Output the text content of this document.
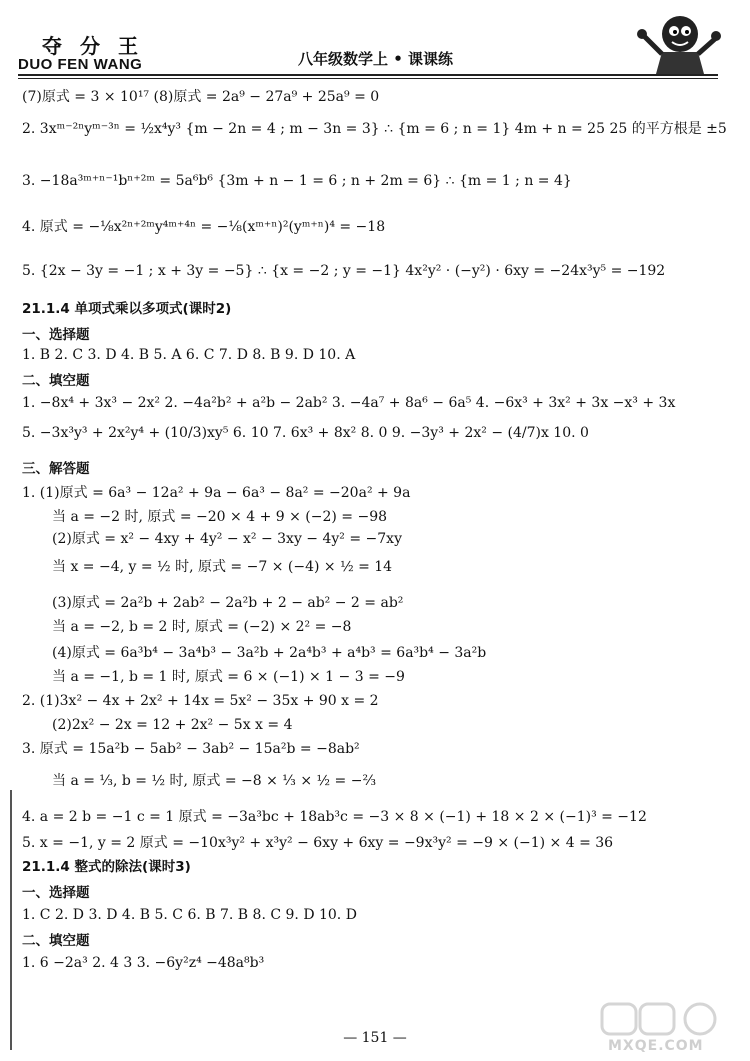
夺分王
DUO FEN WANG	八年级数学上 • 课课练
(7)原式 = 3 × 10¹⁷ (8)原式 = 2a⁹ − 27a⁹ + 25a⁹ = 0
2. 3xᵐ⁻²ⁿyᵐ⁻³ⁿ = ½x⁴y³ {m − 2n = 4 ; m − 3n = 3} ∴ {m = 6 ; n = 1} 4m + n = 25 25 的平方根是 ±5
3. −18a³ᵐ⁺ⁿ⁻¹bⁿ⁺²ᵐ = 5a⁶b⁶ {3m + n − 1 = 6 ; n + 2m = 6} ∴ {m = 1 ; n = 4}
4. 原式 = −⅛x²ⁿ⁺²ᵐy⁴ᵐ⁺⁴ⁿ = −⅛(xᵐ⁺ⁿ)²(yᵐ⁺ⁿ)⁴ = −18
5. {2x − 3y = −1 ; x + 3y = −5} ∴ {x = −2 ; y = −1} 4x²y² · (−y²) · 6xy = −24x³y⁵ = −192
21.1.4 单项式乘以多项式(课时2)
一、选择题
1. B 2. C 3. D 4. B 5. A 6. C 7. D 8. B 9. D 10. A
二、填空题
1. −8x⁴ + 3x³ − 2x² 2. −4a²b² + a²b − 2ab² 3. −4a⁷ + 8a⁶ − 6a⁵ 4. −6x³ + 3x² + 3x −x³ + 3x
5. −3x³y³ + 2x²y⁴ + (10/3)xy⁵ 6. 10 7. 6x³ + 8x² 8. 0 9. −3y³ + 2x² − (4/7)x 10. 0
三、解答题
1. (1)原式 = 6a³ − 12a² + 9a − 6a³ − 8a² = −20a² + 9a
当 a = −2 时, 原式 = −20 × 4 + 9 × (−2) = −98
(2)原式 = x² − 4xy + 4y² − x² − 3xy − 4y² = −7xy
当 x = −4, y = ½ 时, 原式 = −7 × (−4) × ½ = 14
(3)原式 = 2a²b + 2ab² − 2a²b + 2 − ab² − 2 = ab²
当 a = −2, b = 2 时, 原式 = (−2) × 2² = −8
(4)原式 = 6a³b⁴ − 3a⁴b³ − 3a²b + 2a⁴b³ + a⁴b³ = 6a³b⁴ − 3a²b
当 a = −1, b = 1 时, 原式 = 6 × (−1) × 1 − 3 = −9
2. (1)3x² − 4x + 2x² + 14x = 5x² − 35x + 90 x = 2
(2)2x² − 2x = 12 + 2x² − 5x x = 4
3. 原式 = 15a²b − 5ab² − 3ab² − 15a²b = −8ab²
当 a = ⅓, b = ½ 时, 原式 = −8 × ⅓ × ½ = −⅔
4. a = 2 b = −1 c = 1 原式 = −3a³bc + 18ab³c = −3 × 8 × (−1) + 18 × 2 × (−1)³ = −12
5. x = −1, y = 2 原式 = −10x³y² + x³y² − 6xy + 6xy = −9x³y² = −9 × (−1) × 4 = 36
21.1.4 整式的除法(课时3)
一、选择题
1. C 2. D 3. D 4. B 5. C 6. B 7. B 8. C 9. D 10. D
二、填空题
1. 6 −2a³ 2. 4 3 3. −6y²z⁴ −48a⁸b³
— 151 —	MXQE.COM
